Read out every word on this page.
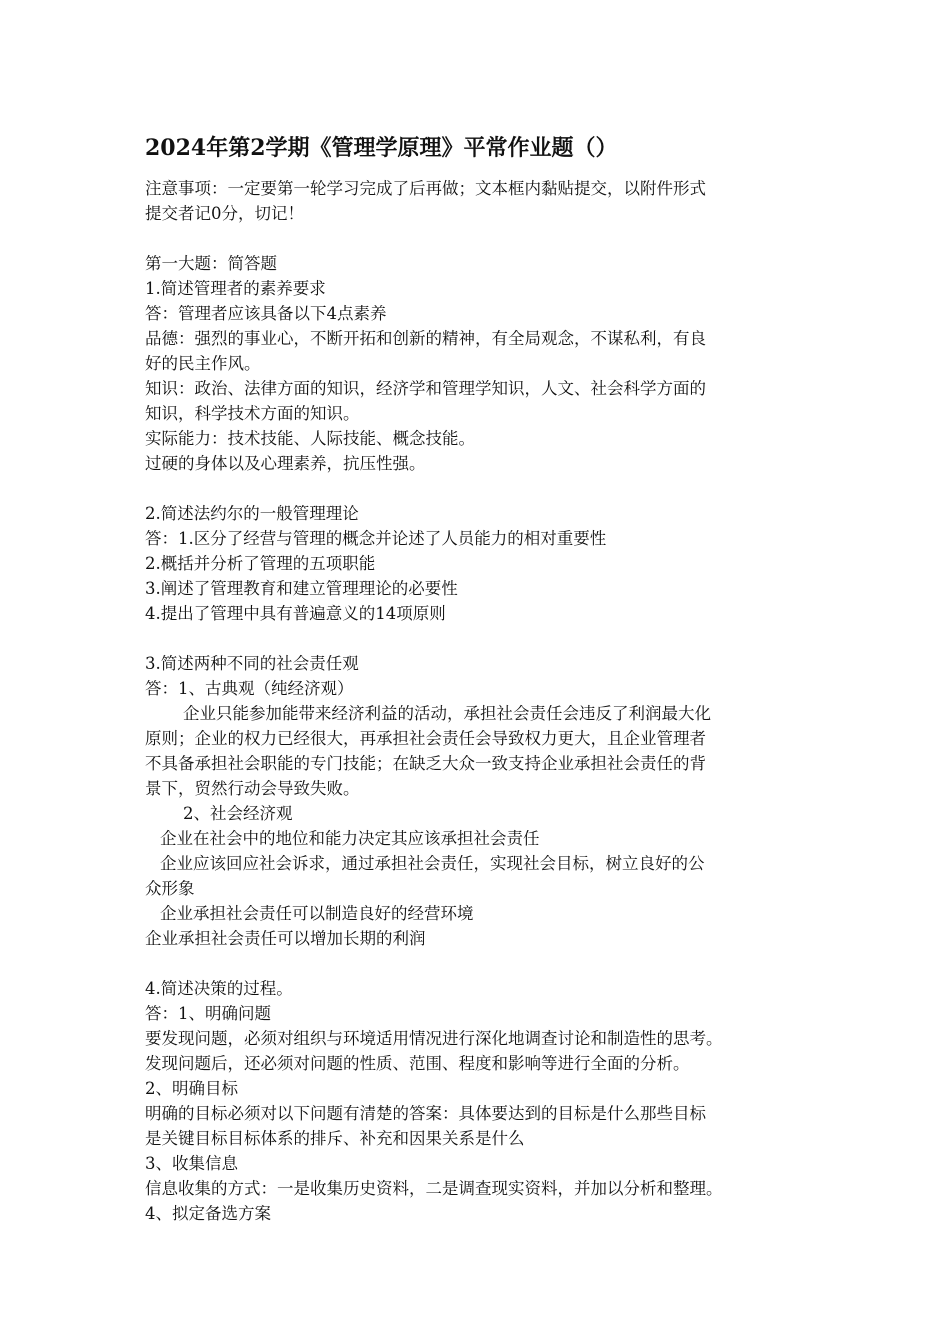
2024年第2学期《管理学原理》平常作业题（）
注意事项：一定要第一轮学习完成了后再做；文本框内黏贴提交，以附件形式
提交者记0分，切记！
第一大题：简答题
1.简述管理者的素养要求
答：管理者应该具备以下4点素养
品德：强烈的事业心，不断开拓和创新的精神，有全局观念，不谋私利，有良
好的民主作风。
知识：政治、法律方面的知识，经济学和管理学知识，人文、社会科学方面的
知识，科学技术方面的知识。
实际能力：技术技能、人际技能、概念技能。
过硬的身体以及心理素养，抗压性强。
2.简述法约尔的一般管理理论
答：1.区分了经营与管理的概念并论述了人员能力的相对重要性
2.概括并分析了管理的五项职能
3.阐述了管理教育和建立管理理论的必要性
4.提出了管理中具有普遍意义的14项原则
3.简述两种不同的社会责任观
答：1、古典观（纯经济观）
企业只能参加能带来经济利益的活动，承担社会责任会违反了利润最大化
原则；企业的权力已经很大，再承担社会责任会导致权力更大，且企业管理者
不具备承担社会职能的专门技能；在缺乏大众一致支持企业承担社会责任的背
景下，贸然行动会导致失败。
2、社会经济观
企业在社会中的地位和能力决定其应该承担社会责任
企业应该回应社会诉求，通过承担社会责任，实现社会目标，树立良好的公
众形象
企业承担社会责任可以制造良好的经营环境
企业承担社会责任可以增加长期的利润
4.简述决策的过程。
答：1、明确问题
要发现问题，必须对组织与环境适用情况进行深化地调查讨论和制造性的思考。
发现问题后，还必须对问题的性质、范围、程度和影响等进行全面的分析。
2、明确目标
明确的目标必须对以下问题有清楚的答案：具体要达到的目标是什么那些目标
是关键目标目标体系的排斥、补充和因果关系是什么
3、收集信息
信息收集的方式：一是收集历史资料，二是调查现实资料，并加以分析和整理。
4、拟定备选方案
